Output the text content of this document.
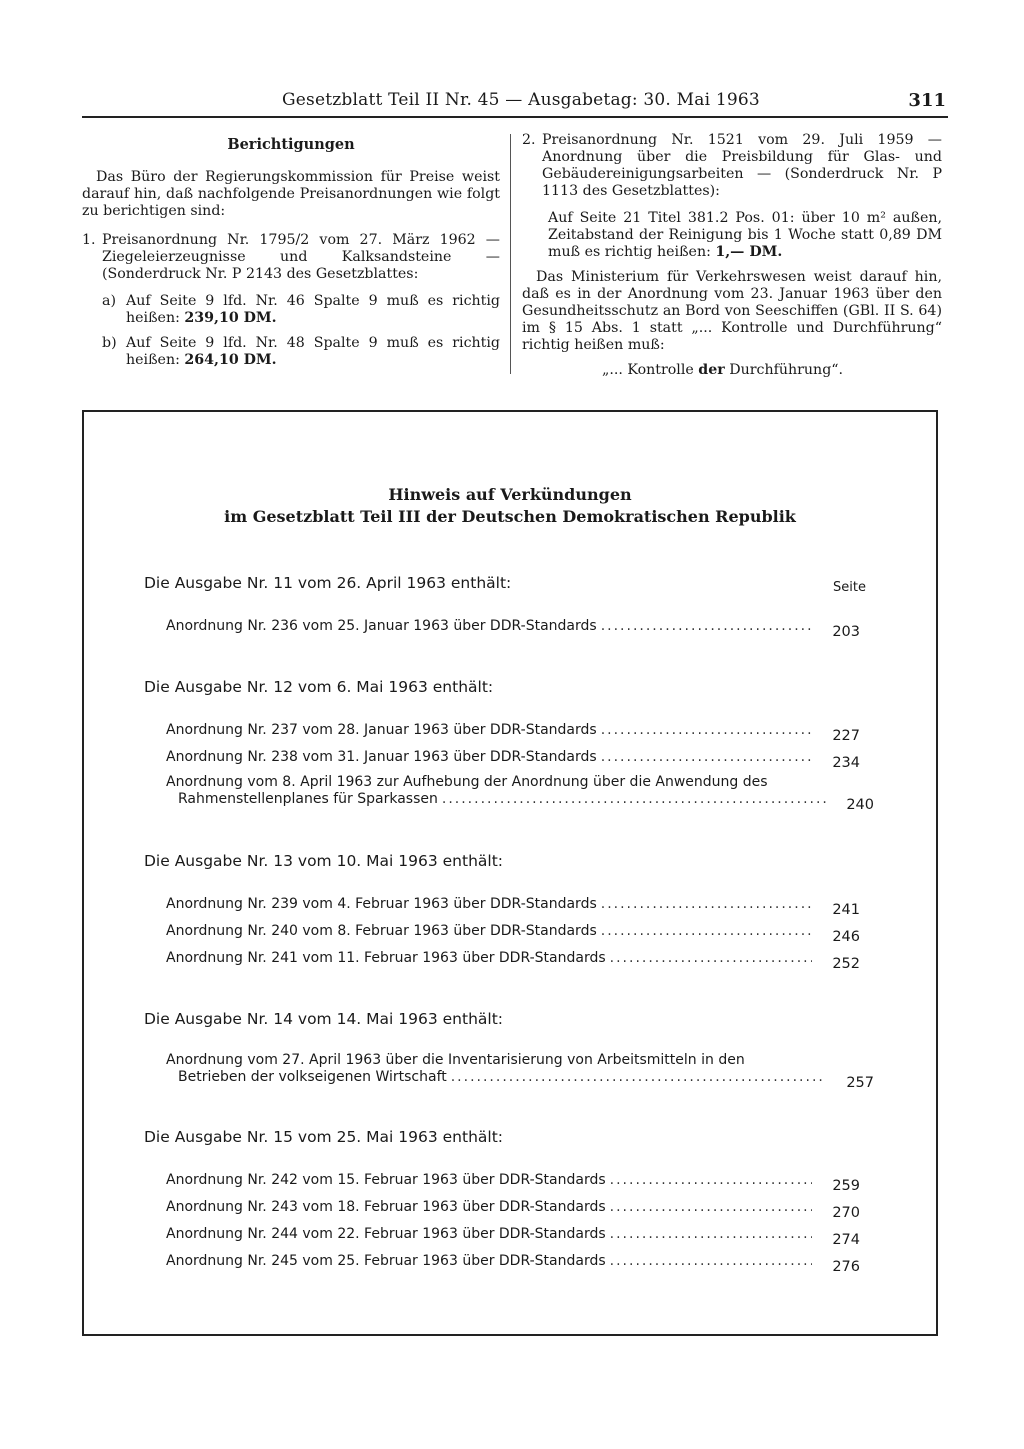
Gesetzblatt Teil II Nr. 45 — Ausgabetag: 30. Mai 1963	311
Berichtigungen

Das Büro der Regierungskommission für Preise weist darauf hin, daß nachfolgende Preisanordnungen wie folgt zu berichtigen sind:

1. Preisanordnung Nr. 1795/2 vom 27. März 1962 — Ziegeleierzeugnisse und Kalksandsteine — (Sonderdruck Nr. P 2143 des Gesetzblattes:
a) Auf Seite 9 lfd. Nr. 46 Spalte 9 muß es richtig heißen: 239,10 DM.
b) Auf Seite 9 lfd. Nr. 48 Spalte 9 muß es richtig heißen: 264,10 DM.
2. Preisanordnung Nr. 1521 vom 29. Juli 1959 — Anordnung über die Preisbildung für Glas- und Gebäudereinigungsarbeiten — (Sonderdruck Nr. P 1113 des Gesetzblattes):
Auf Seite 21 Titel 381.2 Pos. 01: über 10 m² außen, Zeitabstand der Reinigung bis 1 Woche statt 0,89 DM muß es richtig heißen: 1,— DM.

Das Ministerium für Verkehrswesen weist darauf hin, daß es in der Anordnung vom 23. Januar 1963 über den Gesundheitsschutz an Bord von Seeschiffen (GBl. II S. 64) im § 15 Abs. 1 statt „... Kontrolle und Durchführung“ richtig heißen muß:

„... Kontrolle der Durchführung“.
Hinweis auf Verkündungen
im Gesetzblatt Teil III der Deutschen Demokratischen Republik
Seite
Die Ausgabe Nr. 11 vom 26. April 1963 enthält:
Anordnung Nr. 236 vom 25. Januar 1963 über DDR-Standards .....	203
Die Ausgabe Nr. 12 vom 6. Mai 1963 enthält:
Anordnung Nr. 237 vom 28. Januar 1963 über DDR-Standards .....	227
Anordnung Nr. 238 vom 31. Januar 1963 über DDR-Standards .....	234
Anordnung vom 8. April 1963 zur Aufhebung der Anordnung über die Anwendung des
Rahmenstellenplanes für Sparkassen .....	240
Die Ausgabe Nr. 13 vom 10. Mai 1963 enthält:
Anordnung Nr. 239 vom 4. Februar 1963 über DDR-Standards .....	241
Anordnung Nr. 240 vom 8. Februar 1963 über DDR-Standards .....	246
Anordnung Nr. 241 vom 11. Februar 1963 über DDR-Standards .....	252
Die Ausgabe Nr. 14 vom 14. Mai 1963 enthält:
Anordnung vom 27. April 1963 über die Inventarisierung von Arbeitsmitteln in den
Betrieben der volkseigenen Wirtschaft .....	257
Die Ausgabe Nr. 15 vom 25. Mai 1963 enthält:
Anordnung Nr. 242 vom 15. Februar 1963 über DDR-Standards .....	259
Anordnung Nr. 243 vom 18. Februar 1963 über DDR-Standards .....	270
Anordnung Nr. 244 vom 22. Februar 1963 über DDR-Standards .....	274
Anordnung Nr. 245 vom 25. Februar 1963 über DDR-Standards .....	276
